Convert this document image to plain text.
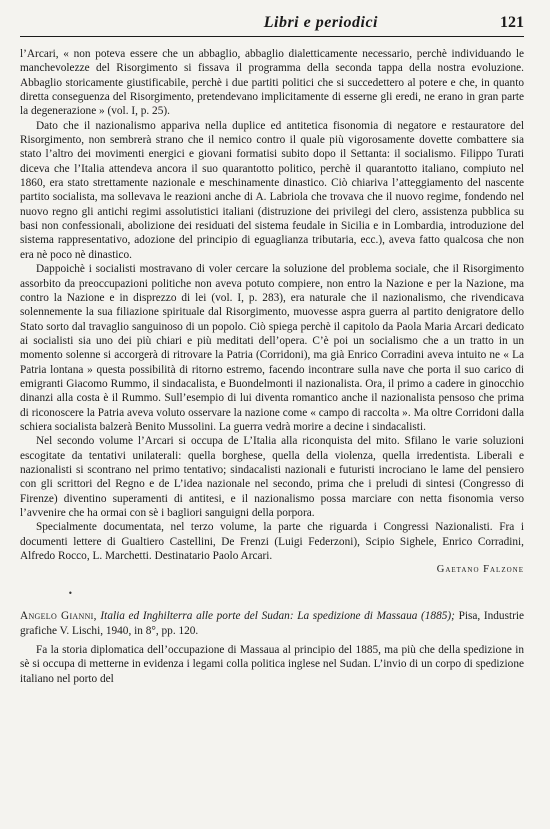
Libri e periodici	121

l’Arcari, « non poteva essere che un abbaglio, abbaglio dialetticamente necessario, perchè individuando le manchevolezze del Risorgimento si fissava il programma della seconda tappa della nostra evoluzione. Abbaglio storicamente giustificabile, perchè i due partiti politici che si succedettero al potere e che, in quanto diretta conseguenza del Risorgimento, pretendevano implicitamente di esserne gli eredi, ne erano in gran parte la degenerazione » (vol. I, p. 25).

Dato che il nazionalismo appariva nella duplice ed antitetica fisonomia di negatore e restauratore del Risorgimento, non sembrerà strano che il nemico contro il quale più vigorosamente dovette combattere sia stato l’altro dei movimenti energici e giovani formatisi subito dopo il Settanta: il socialismo. Filippo Turati diceva che l’Italia attendeva ancora il suo quarantotto politico, perchè il quarantotto italiano, compiuto nel 1860, era stato strettamente nazionale e meschinamente dinastico. Ciò chiariva l’atteggiamento del nascente partito socialista, ma sollevava le reazioni anche di A. Labriola che trovava che il nuovo regime, fondendo nel nuovo regno gli antichi regimi assolutistici italiani (distruzione dei privilegi del clero, assistenza pubblica su basi non confessionali, abolizione dei residuati del sistema feudale in Sicilia e in Lombardia, introduzione del sistema rappresentativo, adozione del principio di eguaglianza tributaria, ecc.), aveva fatto qualcosa che non era nè poco nè dinastico.

Dappoichè i socialisti mostravano di voler cercare la soluzione del problema sociale, che il Risorgimento assorbito da preoccupazioni politiche non aveva potuto compiere, non entro la Nazione e per la Nazione, ma contro la Nazione e in disprezzo di lei (vol. I, p. 283), era naturale che il nazionalismo, che rivendicava solennemente la sua filiazione spirituale dal Risorgimento, muovesse aspra guerra al partito denigratore dello Stato sorto dal travaglio sanguinoso di un popolo. Ciò spiega perchè il capitolo da Paola Maria Arcari dedicato ai socialisti sia uno dei più chiari e più meditati dell’opera. C’è poi un socialismo che a un tratto in un momento solenne si accorgerà di ritrovare la Patria (Corridoni), ma già Enrico Corradini aveva intuito ne « La Patria lontana » questa possibilità di ritorno estremo, facendo incontrare sulla nave che porta il suo carico di emigranti Giacomo Rummo, il sindacalista, e Buondelmonti il nazionalista. Ora, il primo a cadere in ginocchio dinanzi alla costa è il Rummo. Sull’esempio di lui diventa romantico anche il nazionalista pensoso che prima di riconoscere la Patria aveva voluto osservare la nazione come « campo di raccolta ». Ma oltre Corridoni dalla schiera socialista balzerà Benito Mussolini. La guerra vedrà morire a decine i sindacalisti.

Nel secondo volume l’Arcari si occupa de L’Italia alla riconquista del mito. Sfilano le varie soluzioni escogitate da tentativi unilaterali: quella borghese, quella della violenza, quella irredentista. Liberali e nazionalisti si scontrano nel primo tentativo; sindacalisti nazionali e futuristi incrociano le lame del pensiero con gli scrittori del Regno e de L’idea nazionale nel secondo, prima che i preludi di sintesi (Congresso di Firenze) diventino superamenti di antitesi, e il nazionalismo possa marciare con netta fisonomia verso l’avvenire che ha ormai con sè i bagliori sanguigni della porpora.

Specialmente documentata, nel terzo volume, la parte che riguarda i Congressi Nazionalisti. Fra i documenti lettere di Gualtiero Castellini, De Frenzi (Luigi Federzoni), Scipio Sighele, Enrico Corradini, Alfredo Rocco, L. Marchetti. Destinatario Paolo Arcari.

Gaetano Falzone
•
Angelo Gianni, Italia ed Inghilterra alle porte del Sudan: La spedizione di Massaua (1885); Pisa, Industrie grafiche V. Lischi, 1940, in 8°, pp. 120.

Fa la storia diplomatica dell’occupazione di Massaua al principio del 1885, ma più che della spedizione in sè si occupa di metterne in evidenza i legami colla politica inglese nel Sudan. L’invio di un corpo di spedizione italiano nel porto del
